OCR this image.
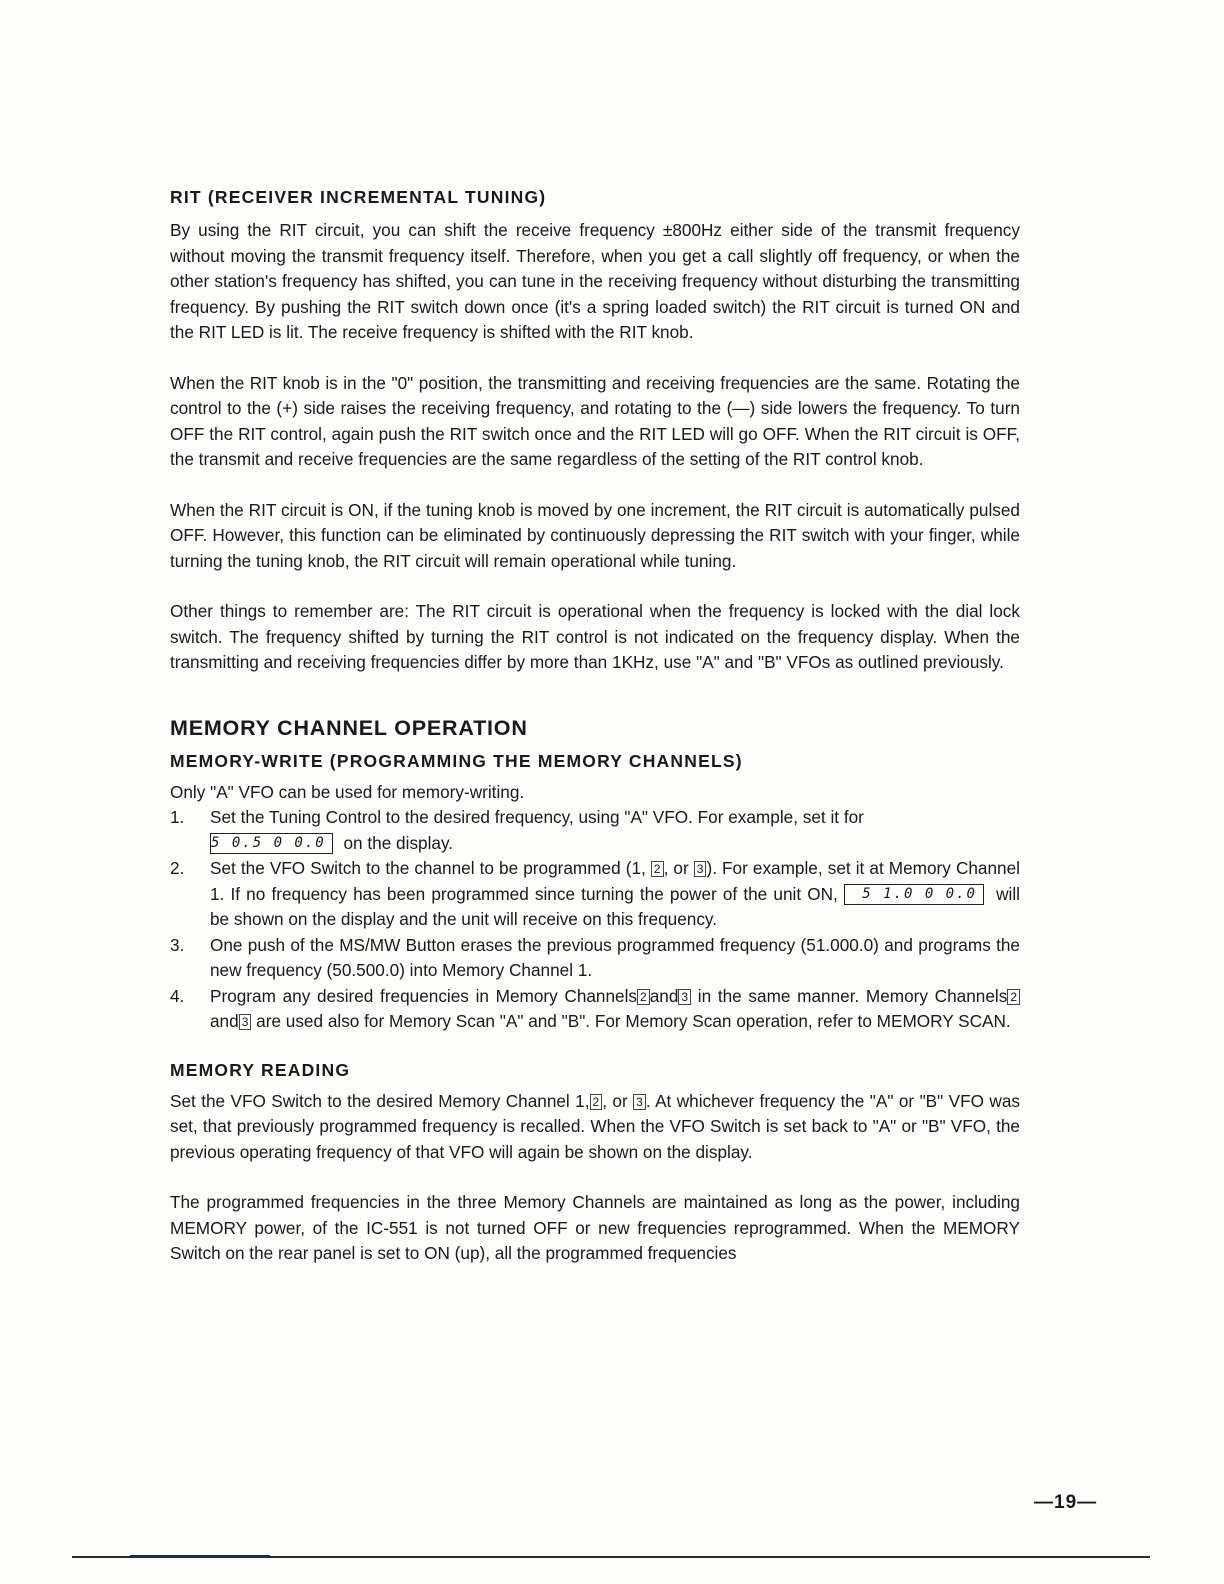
RIT (RECEIVER INCREMENTAL TUNING)

By using the RIT circuit, you can shift the receive frequency ±800Hz either side of the transmit frequency without moving the transmit frequency itself. Therefore, when you get a call slightly off frequency, or when the other station's frequency has shifted, you can tune in the receiving frequency without disturbing the transmitting frequency. By pushing the RIT switch down once (it's a spring loaded switch) the RIT circuit is turned ON and the RIT LED is lit. The receive frequency is shifted with the RIT knob.

When the RIT knob is in the "0" position, the transmitting and receiving frequencies are the same. Rotating the control to the (+) side raises the receiving frequency, and rotating to the (—) side lowers the frequency. To turn OFF the RIT control, again push the RIT switch once and the RIT LED will go OFF. When the RIT circuit is OFF, the transmit and receive frequencies are the same regardless of the setting of the RIT control knob.

When the RIT circuit is ON, if the tuning knob is moved by one increment, the RIT circuit is automatically pulsed OFF. However, this function can be eliminated by continuously depressing the RIT switch with your finger, while turning the tuning knob, the RIT circuit will remain operational while tuning.

Other things to remember are: The RIT circuit is operational when the frequency is locked with the dial lock switch. The frequency shifted by turning the RIT control is not indicated on the frequency display. When the transmitting and receiving frequencies differ by more than 1KHz, use "A" and "B" VFOs as outlined previously.

MEMORY CHANNEL OPERATION
MEMORY-WRITE (PROGRAMMING THE MEMORY CHANNELS)
Only "A" VFO can be used for memory-writing.
1. Set the Tuning Control to the desired frequency, using "A" VFO. For example, set it for
5 0.5 0 0.0 on the display.
2. Set the VFO Switch to the channel to be programmed (1, 2 , or 3 ). For example, set it at Memory Channel 1. If no frequency has been programmed since turning the power of the unit ON, 5 1.0 0 0.0 will be shown on the display and the unit will receive on this frequency.
3. One push of the MS/MW Button erases the previous programmed frequency (51.000.0) and programs the new frequency (50.500.0) into Memory Channel 1.
4. Program any desired frequencies in Memory Channels 2 and 3 in the same manner. Memory Channels 2and 3 are used also for Memory Scan "A" and "B". For Memory Scan operation, refer to MEMORY SCAN.
MEMORY READING

Set the VFO Switch to the desired Memory Channel 1, 2 , or 3 . At whichever frequency the "A" or "B" VFO was set, that previously programmed frequency is recalled. When the VFO Switch is set back to "A" or "B" VFO, the previous operating frequency of that VFO will again be shown on the display.

The programmed frequencies in the three Memory Channels are maintained as long as the power, including MEMORY power, of the IC-551 is not turned OFF or new frequencies reprogrammed. When the MEMORY Switch on the rear panel is set to ON (up), all the programmed frequencies

—19—
